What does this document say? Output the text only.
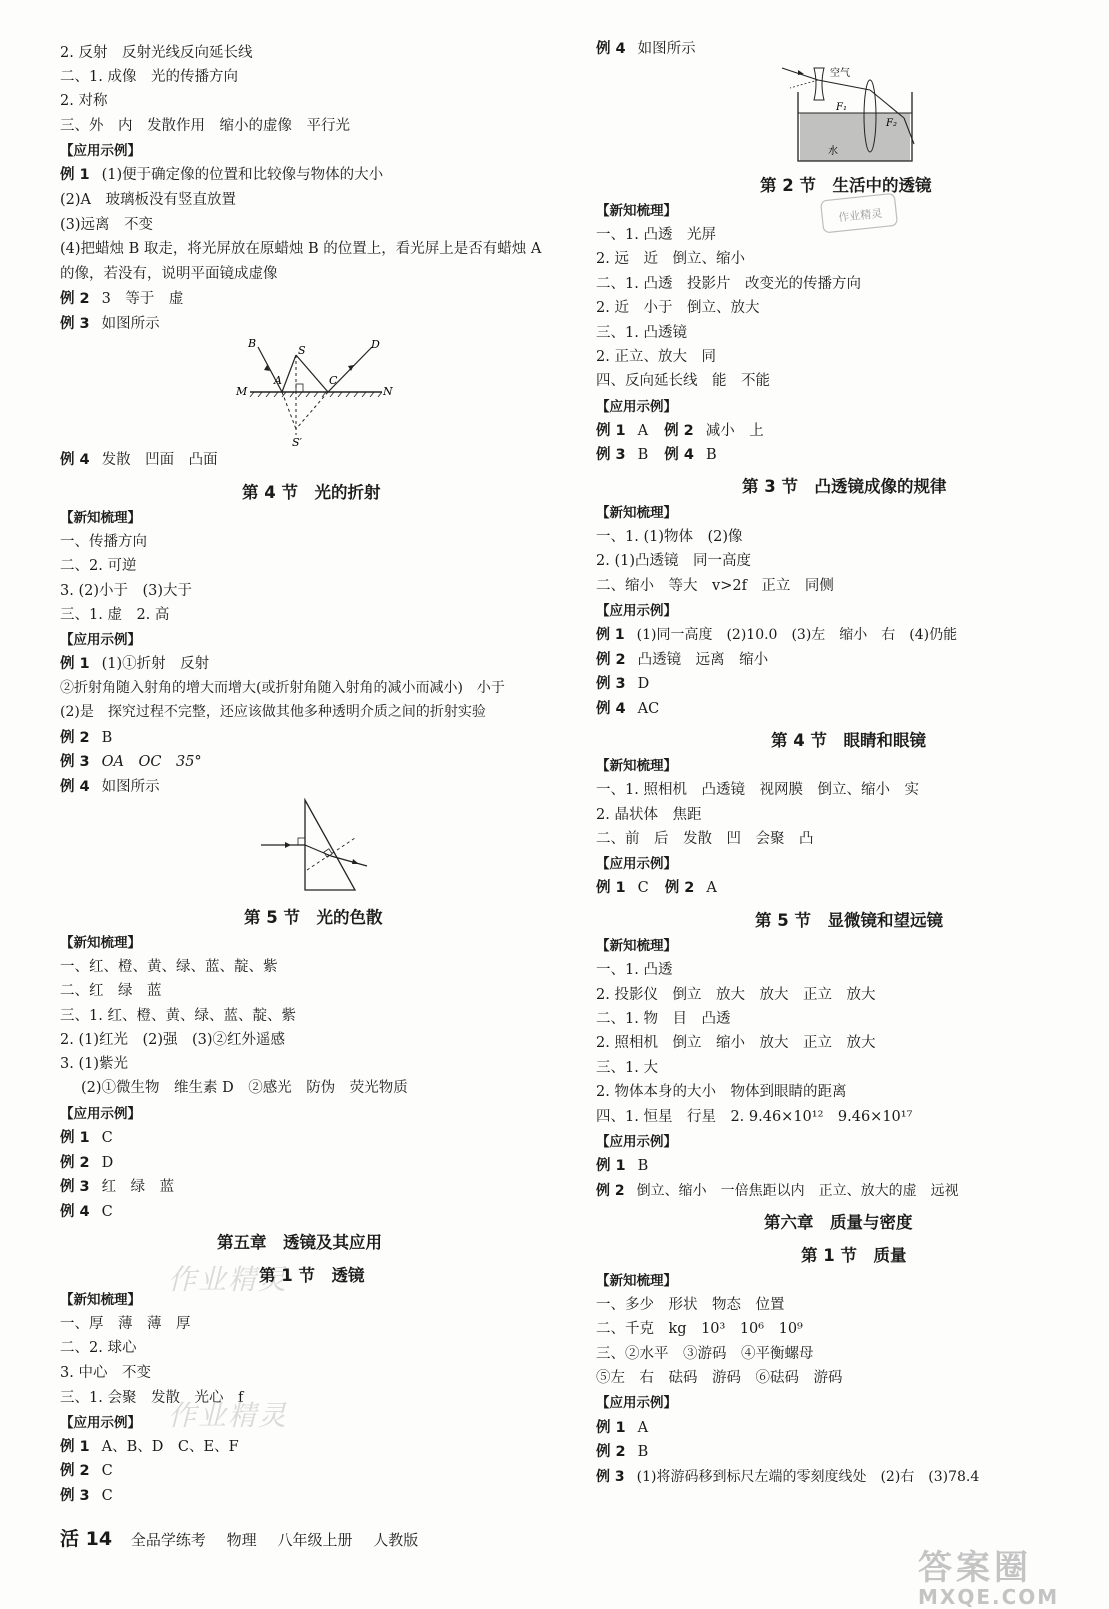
2. 反射　反射光线反向延长线
二、1. 成像　光的传播方向
2. 对称
三、外　内　发散作用　缩小的虚像　平行光
【应用示例】
例 1 (1)便于确定像的位置和比较像与物体的大小
(2)A　玻璃板没有竖直放置
(3)远离　不变
(4)把蜡烛 B 取走，将光屏放在原蜡烛 B 的位置上，看光屏上是否有蜡烛 A
的像，若没有，说明平面镜成虚像
例 2 3　等于　虚
例 3 如图所示
B
S	D
A	C
M	N
S′
例 4 发散　凹面　凸面
第 4 节　光的折射
【新知梳理】
一、传播方向
二、2. 可逆
3. (2)小于　(3)大于
三、1. 虚　2. 高
【应用示例】
例 1 (1)①折射　反射
②折射角随入射角的增大而增大(或折射角随入射角的减小而减小)　小于
(2)是　探究过程不完整，还应该做其他多种透明介质之间的折射实验
例 2 B
例 3 OA　OC　35°
例 4 如图所示
第 5 节　光的色散
【新知梳理】
一、红、橙、黄、绿、蓝、靛、紫
二、红　绿　蓝
三、1. 红、橙、黄、绿、蓝、靛、紫
2. (1)红光　(2)强　(3)②红外遥感
3. (1)紫光
(2)①微生物　维生素 D　②感光　防伪　荧光物质
【应用示例】
例 1 C
例 2 D
例 3 红　绿　蓝
例 4 C
第五章　透镜及其应用
作业精灵
第 1 节　透镜
【新知梳理】
一、厚　薄　薄　厚
二、2. 球心
3. 中心　不变
三、1. 会聚　发散　光心　f
作业精灵
【应用示例】
例 1 A、B、D　C、E、F
例 2 C
例 3 C
例 4 如图所示
空气
水
F₁
F₂
第 2 节　生活中的透镜
作业精灵
【新知梳理】
一、1. 凸透　光屏
2. 远　近　倒立、缩小
二、1. 凸透　投影片　改变光的传播方向
2. 近　小于　倒立、放大
三、1. 凸透镜
2. 正立、放大　同
四、反向延长线　能　不能
【应用示例】
例 1 A 例 2 减小　上
例 3 B 例 4 B
第 3 节　凸透镜成像的规律
【新知梳理】
一、1. (1)物体　(2)像
2. (1)凸透镜　同一高度
二、缩小　等大　v>2f　正立　同侧
【应用示例】
例 1 (1)同一高度　(2)10.0　(3)左　缩小　右　(4)仍能
例 2 凸透镜　远离　缩小
例 3 D
例 4 AC
第 4 节　眼睛和眼镜
【新知梳理】
一、1. 照相机　凸透镜　视网膜　倒立、缩小　实
2. 晶状体　焦距
二、前　后　发散　凹　会聚　凸
【应用示例】
例 1 C 例 2 A
第 5 节　显微镜和望远镜
【新知梳理】
一、1. 凸透
2. 投影仪　倒立　放大　放大　正立　放大
二、1. 物　目　凸透
2. 照相机　倒立　缩小　放大　正立　放大
三、1. 大
2. 物体本身的大小　物体到眼睛的距离
四、1. 恒星　行星　2. 9.46×10¹²　9.46×10¹⁷
【应用示例】
例 1 B
例 2 倒立、缩小　一倍焦距以内　正立、放大的虚　远视
第六章　质量与密度
第 1 节　质量
【新知梳理】
一、多少　形状　物态　位置
二、千克　kg　10³　10⁶　10⁹
三、②水平　③游码　④平衡螺母
⑤左　右　砝码　游码　⑥砝码　游码
【应用示例】
例 1 A
例 2 B
例 3 (1)将游码移到标尺左端的零刻度线处　(2)右　(3)78.4
活 14 全品学练考 物理 八年级上册 人教版
答案圈
MXQE.COM
